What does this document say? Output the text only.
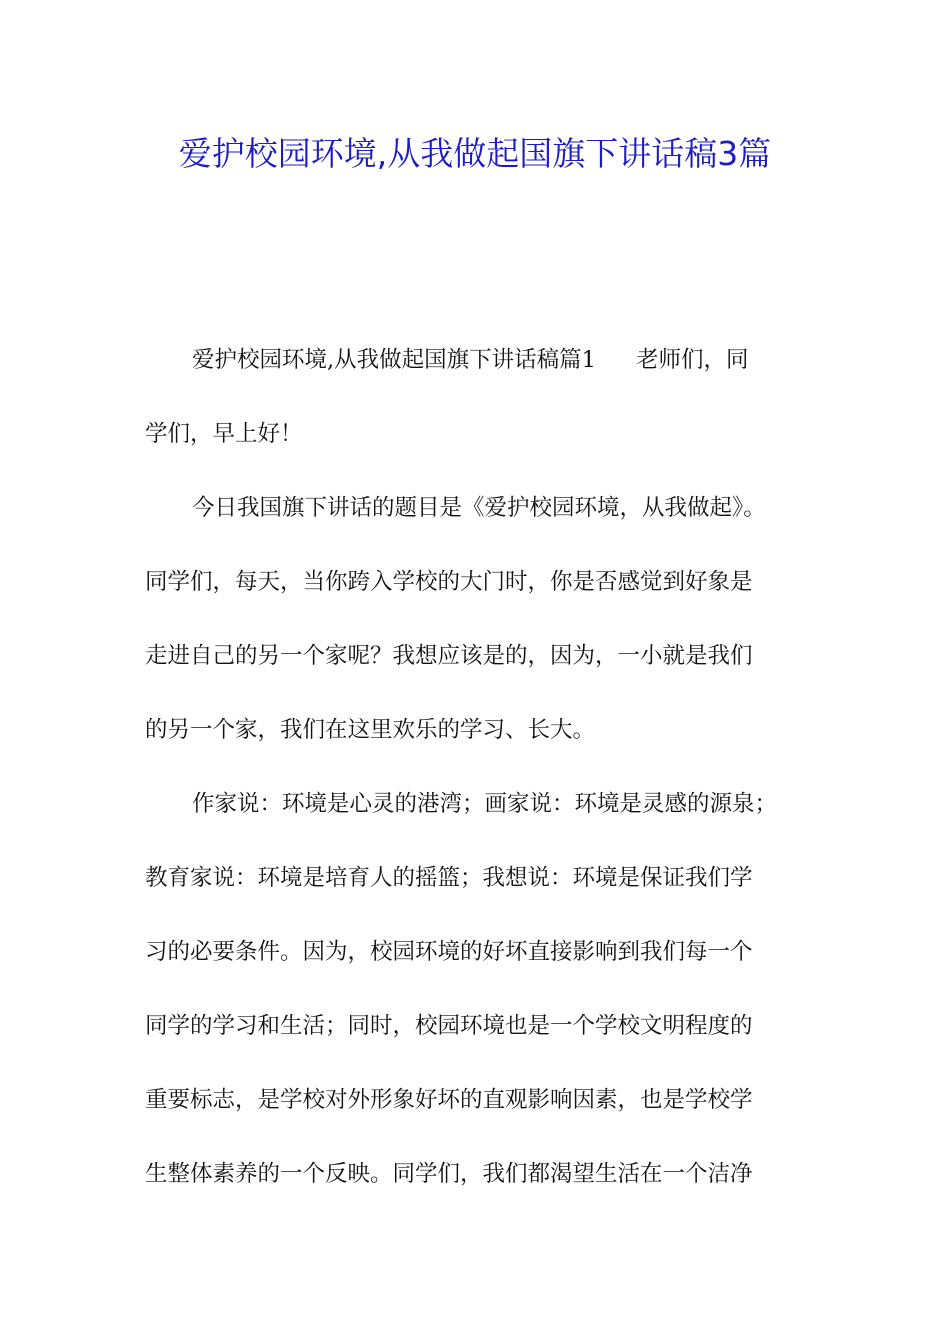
爱护校园环境,从我做起国旗下讲话稿3篇
爱护校园环境,从我做起国旗下讲话稿篇1 老师们，同
学们，早上好！
今日我国旗下讲话的题目是《爱护校园环境，从我做起》。
同学们，每天，当你跨入学校的大门时，你是否感觉到好象是
走进自己的另一个家呢？我想应该是的，因为，一小就是我们
的另一个家，我们在这里欢乐的学习、长大。
作家说：环境是心灵的港湾；画家说：环境是灵感的源泉；
教育家说：环境是培育人的摇篮；我想说：环境是保证我们学
习的必要条件。因为，校园环境的好坏直接影响到我们每一个
同学的学习和生活；同时，校园环境也是一个学校文明程度的
重要标志，是学校对外形象好坏的直观影响因素，也是学校学
生整体素养的一个反映。同学们，我们都渴望生活在一个洁净
